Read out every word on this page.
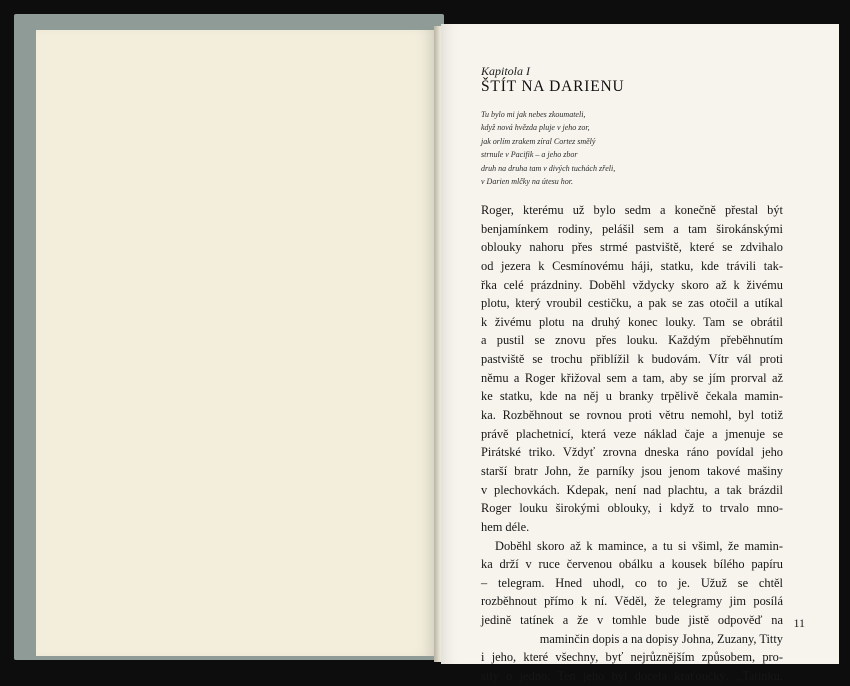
Kapitola I
ŠTÍT NA DARIENU
Tu bylo mi jak nebes zkoumateli,
když nová hvězda pluje v jeho zor,
jak orlím zrakem zíral Cortez smělý
strnule v Pacifik – a jeho zbor
druh na druha tam v divých tuchách zřeli,
v Darien mlčky na útesu hor.
Roger, kterému už bylo sedm a konečně přestal být
benjamínkem rodiny, pelášil sem a tam širokánskými
oblouky nahoru přes strmé pastviště, které se zdvihalo
od jezera k Cesmínovému háji, statku, kde trávili tak-
řka celé prázdniny. Doběhl vždycky skoro až k živému
plotu, který vroubil cestičku, a pak se zas otočil a utíkal
k živému plotu na druhý konec louky. Tam se obrátil
a pustil se znovu přes louku. Každým přeběhnutím
pastviště se trochu přiblížil k budovám. Vítr vál proti
němu a Roger křižoval sem a tam, aby se jím prorval až
ke statku, kde na něj u branky trpělivě čekala mamin-
ka. Rozběhnout se rovnou proti větru nemohl, byl totiž
právě plachetnicí, která veze náklad čaje a jmenuje se
Pirátské triko. Vždyť zrovna dneska ráno povídal jeho
starší bratr John, že parníky jsou jenom takové mašiny
v plechovkách. Kdepak, není nad plachtu, a tak brázdil
Roger louku širokými oblouky, i když to trvalo mno-
hem déle.
Doběhl skoro až k mamince, a tu si všiml, že mamin-
ka drží v ruce červenou obálku a kousek bílého papíru
– telegram. Hned uhodl, co to je. Užuž se chtěl
rozběhnout přímo k ní. Věděl, že telegramy jim posílá
jedině tatínek a že v tomhle bude jistě odpověď na
maminčin dopis a na dopisy Johna, Zuzany, Titty
i jeho, které všechny, byť nejrůznějším způsobem, pro-
sily o jedno. Ten jeho byl docela kraťoučký. ,,Tatínku,
11
